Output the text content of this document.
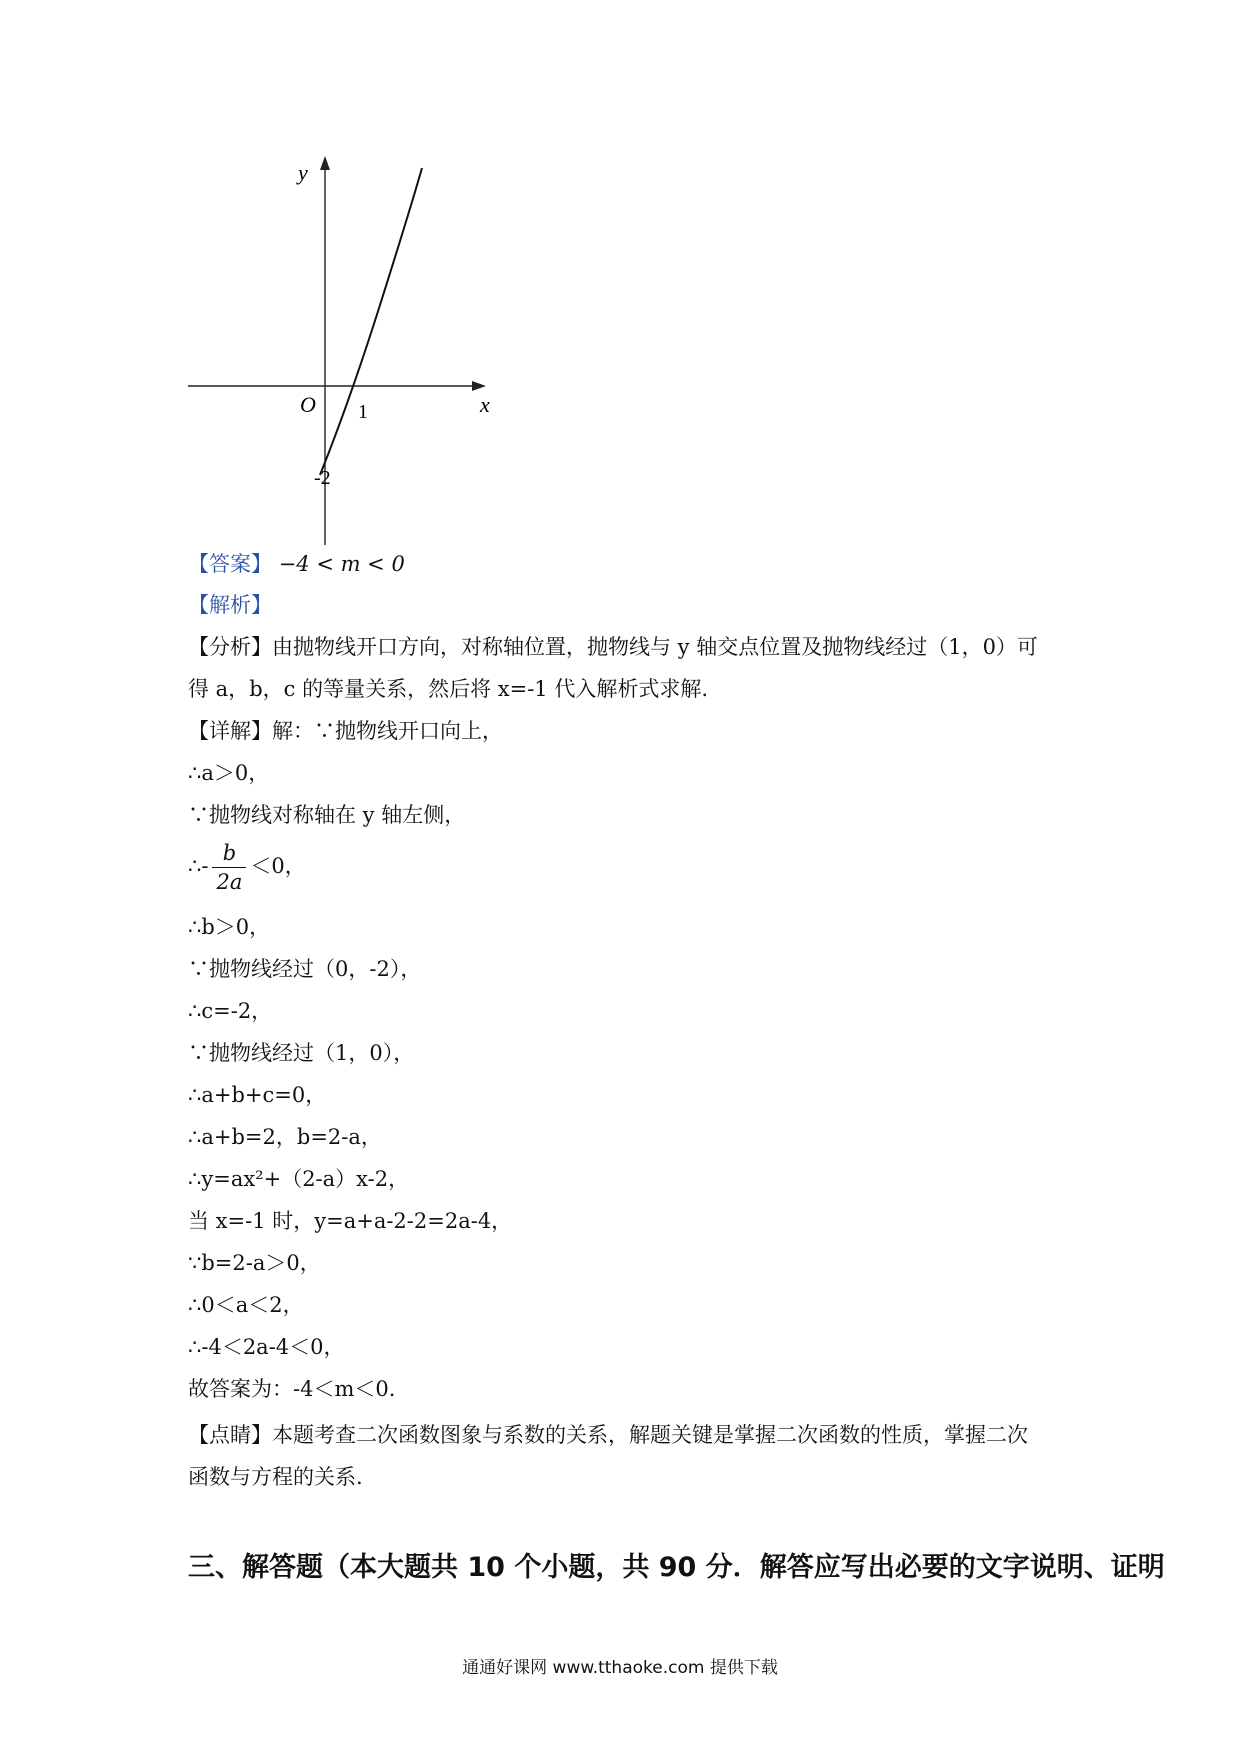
y
x
O 1
-2
【答案】 −4 < m < 0
【解析】
【分析】由抛物线开口方向，对称轴位置，抛物线与 y 轴交点位置及抛物线经过（1，0）可
得 a，b，c 的等量关系，然后将 x=-1 代入解析式求解.
【详解】解：∵抛物线开口向上，
∴a＞0，
∵抛物线对称轴在 y 轴左侧，
∴- $\frac{b}{2a} <0$，
∴b＞0，
∵抛物线经过（0，-2），
∴c=-2，
∵抛物线经过（1，0），
∴a+b+c=0，
∴a+b=2，b=2-a，
∴y=ax²+（2-a）x-2，
当 x=-1 时，y=a+a-2-2=2a-4，
∵b=2-a＞0，
∴0＜a＜2，
∴-4＜2a-4＜0，
故答案为：-4＜m＜0.
【点睛】本题考查二次函数图象与系数的关系，解题关键是掌握二次函数的性质，掌握二次
函数与方程的关系.
三、解答题（本大题共 10 个小题，共 90 分．解答应写出必要的文字说明、证明
通通好课网 www.tthaoke.com 提供下载
